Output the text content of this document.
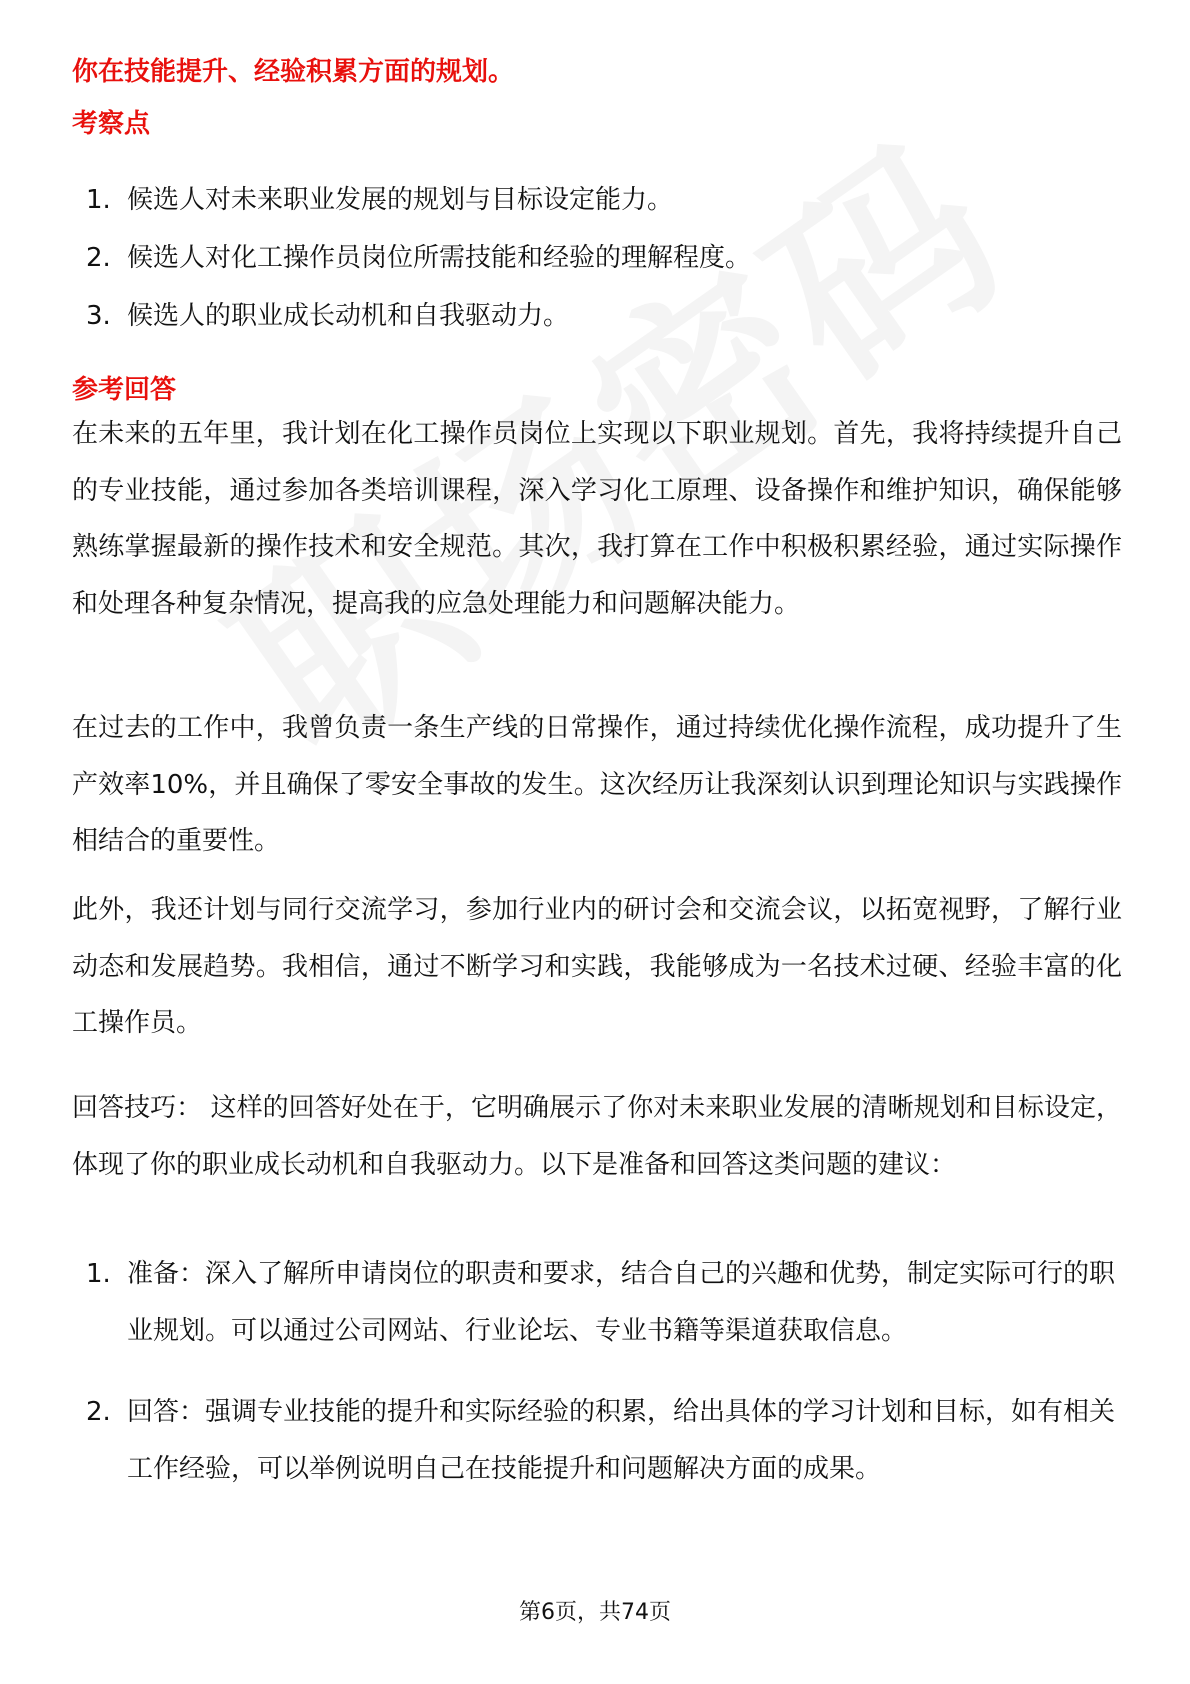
你在技能提升、经验积累方面的规划。
考察点
1. 候选人对未来职业发展的规划与目标设定能力。
2. 候选人对化工操作员岗位所需技能和经验的理解程度。
3. 候选人的职业成长动机和自我驱动力。
参考回答

在未来的五年里，我计划在化工操作员岗位上实现以下职业规划。首先，我将持续提升自己的专业技能，通过参加各类培训课程，深入学习化工原理、设备操作和维护知识，确保能够熟练掌握最新的操作技术和安全规范。其次，我打算在工作中积极积累经验，通过实际操作和处理各种复杂情况，提高我的应急处理能力和问题解决能力。

在过去的工作中，我曾负责一条生产线的日常操作，通过持续优化操作流程，成功提升了生产效率10%，并且确保了零安全事故的发生。这次经历让我深刻认识到理论知识与实践操作相结合的重要性。

此外，我还计划与同行交流学习，参加行业内的研讨会和交流会议，以拓宽视野，了解行业动态和发展趋势。我相信，通过不断学习和实践，我能够成为一名技术过硬、经验丰富的化工操作员。

回答技巧： 这样的回答好处在于，它明确展示了你对未来职业发展的清晰规划和目标设定，体现了你的职业成长动机和自我驱动力。以下是准备和回答这类问题的建议：

1. 准备：深入了解所申请岗位的职责和要求，结合自己的兴趣和优势，制定实际可行的职业规划。可以通过公司网站、行业论坛、专业书籍等渠道获取信息。
2. 回答：强调专业技能的提升和实际经验的积累，给出具体的学习计划和目标，如有相关工作经验，可以举例说明自己在技能提升和问题解决方面的成果。
第6页，共74页
